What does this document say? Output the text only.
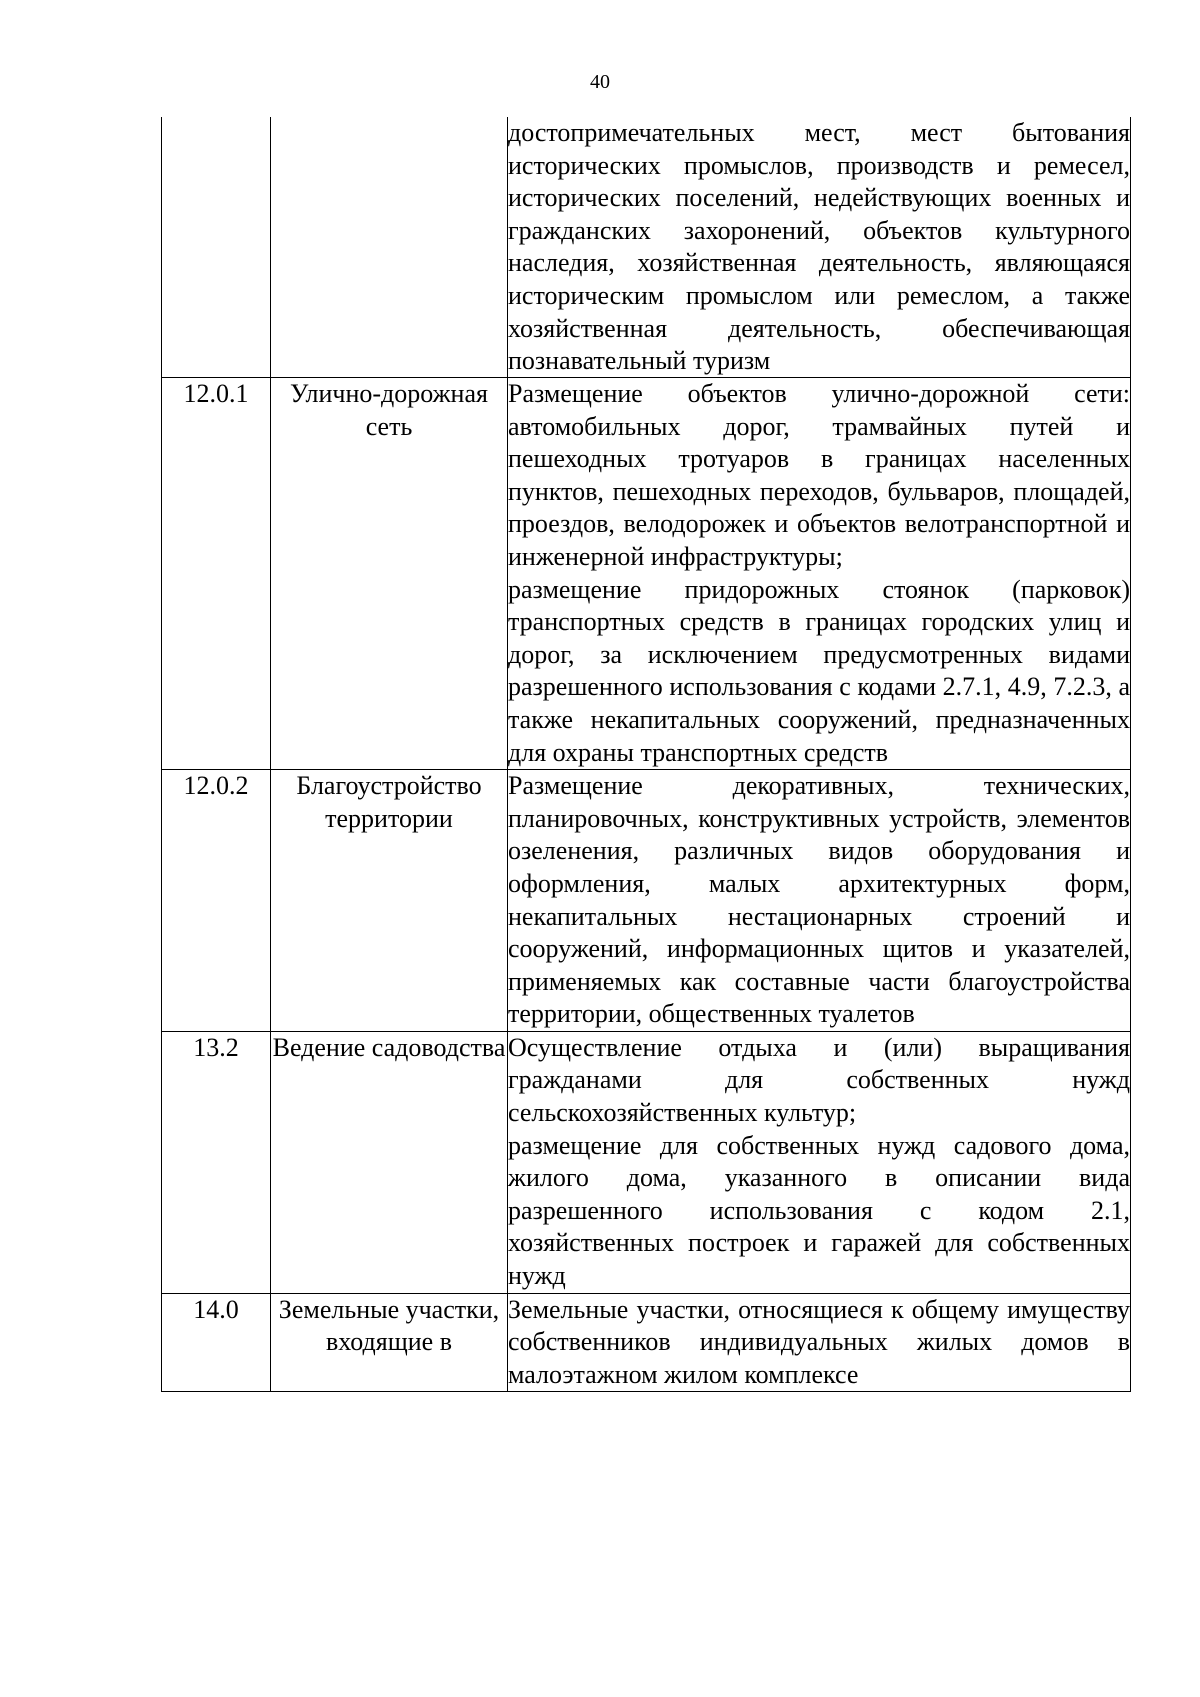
40

		достопримечательных мест, мест бытования исторических промыслов, производств и ремесел, исторических поселений, недействующих военных и гражданских захоронений, объектов культурного наследия, хозяйственная деятельность, являющаяся историческим промыслом или ремеслом, а также хозяйственная деятельность, обеспечивающая познавательный туризм

12.0.1	Улично-дорожная сеть	Размещение объектов улично-дорожной сети: автомобильных дорог, трамвайных путей и пешеходных тротуаров в границах населенных пунктов, пешеходных переходов, бульваров, площадей, проездов, велодорожек и объектов велотранспортной и инженерной инфраструктуры;

размещение придорожных стоянок (парковок) транспортных средств в границах городских улиц и дорог, за исключением предусмотренных видами разрешенного использования с кодами 2.7.1, 4.9, 7.2.3, а также некапитальных сооружений, предназначенных для охраны транспортных средств

12.0.2	Благоустройство территории	Размещение декоративных, технических, планировочных, конструктивных устройств, элементов озеленения, различных видов оборудования и оформления, малых архитектурных форм, некапитальных нестационарных строений и сооружений, информационных щитов и указателей, применяемых как составные части благоустройства территории, общественных туалетов

13.2	Ведение садоводства	Осуществление отдыха и (или) выращивания гражданами для собственных нужд сельскохозяйственных культур;

размещение для собственных нужд садового дома, жилого дома, указанного в описании вида разрешенного использования с кодом 2.1, хозяйственных построек и гаражей для собственных нужд

14.0	Земельные участки, входящие в	Земельные участки, относящиеся к общему имуществу собственников индивидуальных жилых домов в малоэтажном жилом комплексе
